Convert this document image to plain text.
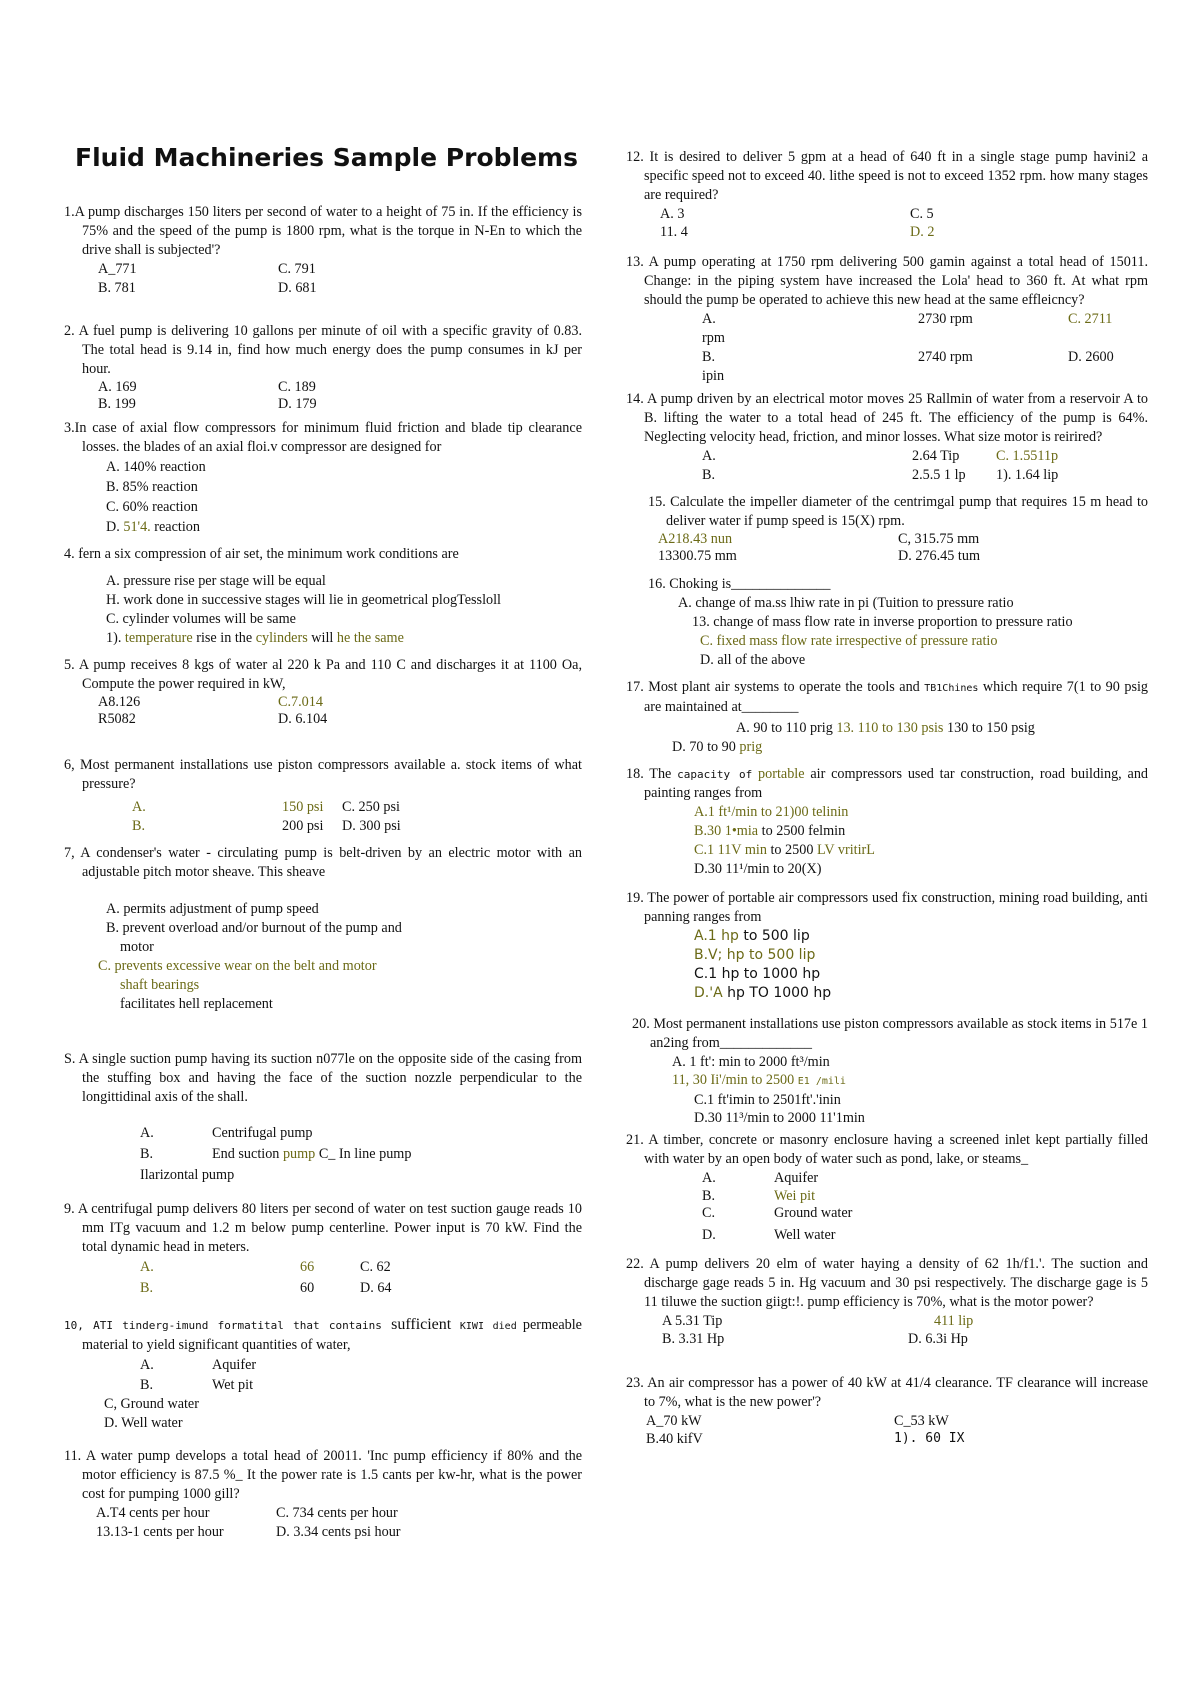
Fluid Machineries Sample Problems
1.A pump discharges 150 liters per second of water to a height of 75 in. If the efficiency is 75% and the speed of the pump is 1800 rpm, what is the torque in N-En to which the drive shall is subjected'?
A_771	C. 791
B. 781	D. 681
2. A fuel pump is delivering 10 gallons per minute of oil with a specific gravity of 0.83. The total head is 9.14 in, find how much energy does the pump consumes in kJ per hour.
A. 169	C. 189
B. 199	D. 179
3.In case of axial flow compressors for minimum fluid friction and blade tip clearance losses. the blades of an axial floi.v compressor are designed for
A. 140% reaction
B. 85% reaction
C. 60% reaction
D. 51'4. reaction
4. fern a six compression of air set, the minimum work conditions are
A. pressure rise per stage will be equal
H. work done in successive stages will lie in geometrical plogTessloll
C. cylinder volumes will be same
1). temperature rise in the cylinders will he the same
5. A pump receives 8 kgs of water al 220 k Pa and 110 C and discharges it at 1100 Oa, Compute the power required in kW,
A8.126	C.7.014
R5082	D. 6.104
6, Most permanent installations use piston compressors available a. stock items of what pressure?
A.	150 psi	C. 250 psi
B.	200 psi	D. 300 psi
7, A condenser's water - circulating pump is belt-driven by an electric motor with an adjustable pitch motor sheave. This sheave
A. permits adjustment of pump speed
B. prevent overload and/or burnout of the pump and motor
C. prevents excessive wear on the belt and motor shaft bearings
facilitates hell replacement
S. A single suction pump having its suction n077le on the opposite side of the casing from the stuffing box and having the face of the suction nozzle perpendicular to the longittidinal axis of the shall.
A.	Centrifugal pump
B.	End suction pump C_ In line pump
Ilarizontal pump
9. A centrifugal pump delivers 80 liters per second of water on test suction gauge reads 10 mm ITg vacuum and 1.2 m below pump centerline. Power input is 70 kW. Find the total dynamic head in meters.
A.	66	C. 62
B.	60	D. 64
10, ATI tinderg-imund formatital that contains sufficient KIWI died permeable material to yield significant quantities of water,
A.	Aquifer
B.	Wet pit
C, Ground water
D. Well water
11. A water pump develops a total head of 20011. 'Inc pump efficiency if 80% and the motor efficiency is 87.5 %_ It the power rate is 1.5 cants per kw-hr, what is the power cost for pumping 1000 gill?
A.T4 cents per hour	C. 734 cents per hour
13.13-1 cents per hour	D. 3.34 cents psi hour
12. It is desired to deliver 5 gpm at a head of 640 ft in a single stage pump havini2 a specific speed not to exceed 40. lithe speed is not to exceed 1352 rpm. how many stages are required?
A. 3	C. 5
11. 4	D. 2
13. A pump operating at 1750 rpm delivering 500 gamin against a total head of 15011. Change: in the piping system have increased the Lola' head to 360 ft. At what rpm should the pump be operated to achieve this new head at the same effleicncy?
A.	2730 rpm	C. 2711
rpm
B.	2740 rpm	D. 2600
ipin
14. A pump driven by an electrical motor moves 25 Rallmin of water from a reservoir A to B. lifting the water to a total head of 245 ft. The efficiency of the pump is 64%. Neglecting velocity head, friction, and minor losses. What size motor is reirired?
A.	2.64 Tip	C. 1.5511p
B.	2.5.5 1 lp	1). 1.64 lip
15. Calculate the impeller diameter of the centrimgal pump that requires 15 m head to deliver water if pump speed is 15(X) rpm.
A218.43 nun	C, 315.75 mm
13300.75 mm	D. 276.45 tum
16. Choking is______________
A. change of ma.ss lhiw rate in pi (Tuition to pressure ratio
13. change of mass flow rate in inverse proportion to pressure ratio
C. fixed mass flow rate irrespective of pressure ratio
D. all of the above
17. Most plant air systems to operate the tools and TB1Chines which require 7(1 to 90 psig are maintained at________
A. 90 to 110 prig 13. 110 to 130 psis 130 to 150 psig
D. 70 to 90 prig
18. The capacity of portable air compressors used tar construction, road building, and painting ranges from
A.1 ft¹/min to 21)00 telinin
B.30 1•mia to 2500 felmin
C.1 11V min to 2500 LV vritirL
D.30 11¹/min to 20(X)
19. The power of portable air compressors used fix construction, mining road building, anti panning ranges from
A.1 hp to 500 lip
B.V; hp to 500 lip
C.1 hp to 1000 hp
D.'A hp TO 1000 hp
20. Most permanent installations use piston compressors available as stock items in 517e 1 an2ing from_____________
A. 1 ft': min to 2000 ft³/min
11, 30 Ii'/min to 2500 E1 /mili
C.1 ft'imin to 2501ft'.'inin
D.30 11³/min to 2000 11'1min
21. A timber, concrete or masonry enclosure having a screened inlet kept partially filled with water by an open body of water such as pond, lake, or steams_
A.	Aquifer
B.	Wei pit
C.	Ground water
D.	Well water
22. A pump delivers 20 elm of water haying a density of 62 1h/f1.'. The suction and discharge gage reads 5 in. Hg vacuum and 30 psi respectively. The discharge gage is 5 11 tiluwe the suction giigt:!. pump efficiency is 70%, what is the motor power?
A 5.31 Tip	411 lip
B. 3.31 Hp	D. 6.3i Hp
23. An air compressor has a power of 40 kW at 41/4 clearance. TF clearance will increase to 7%, what is the new power'?
A_70 kW	C_53 kW
B.40 kifV	1). 60 IX
